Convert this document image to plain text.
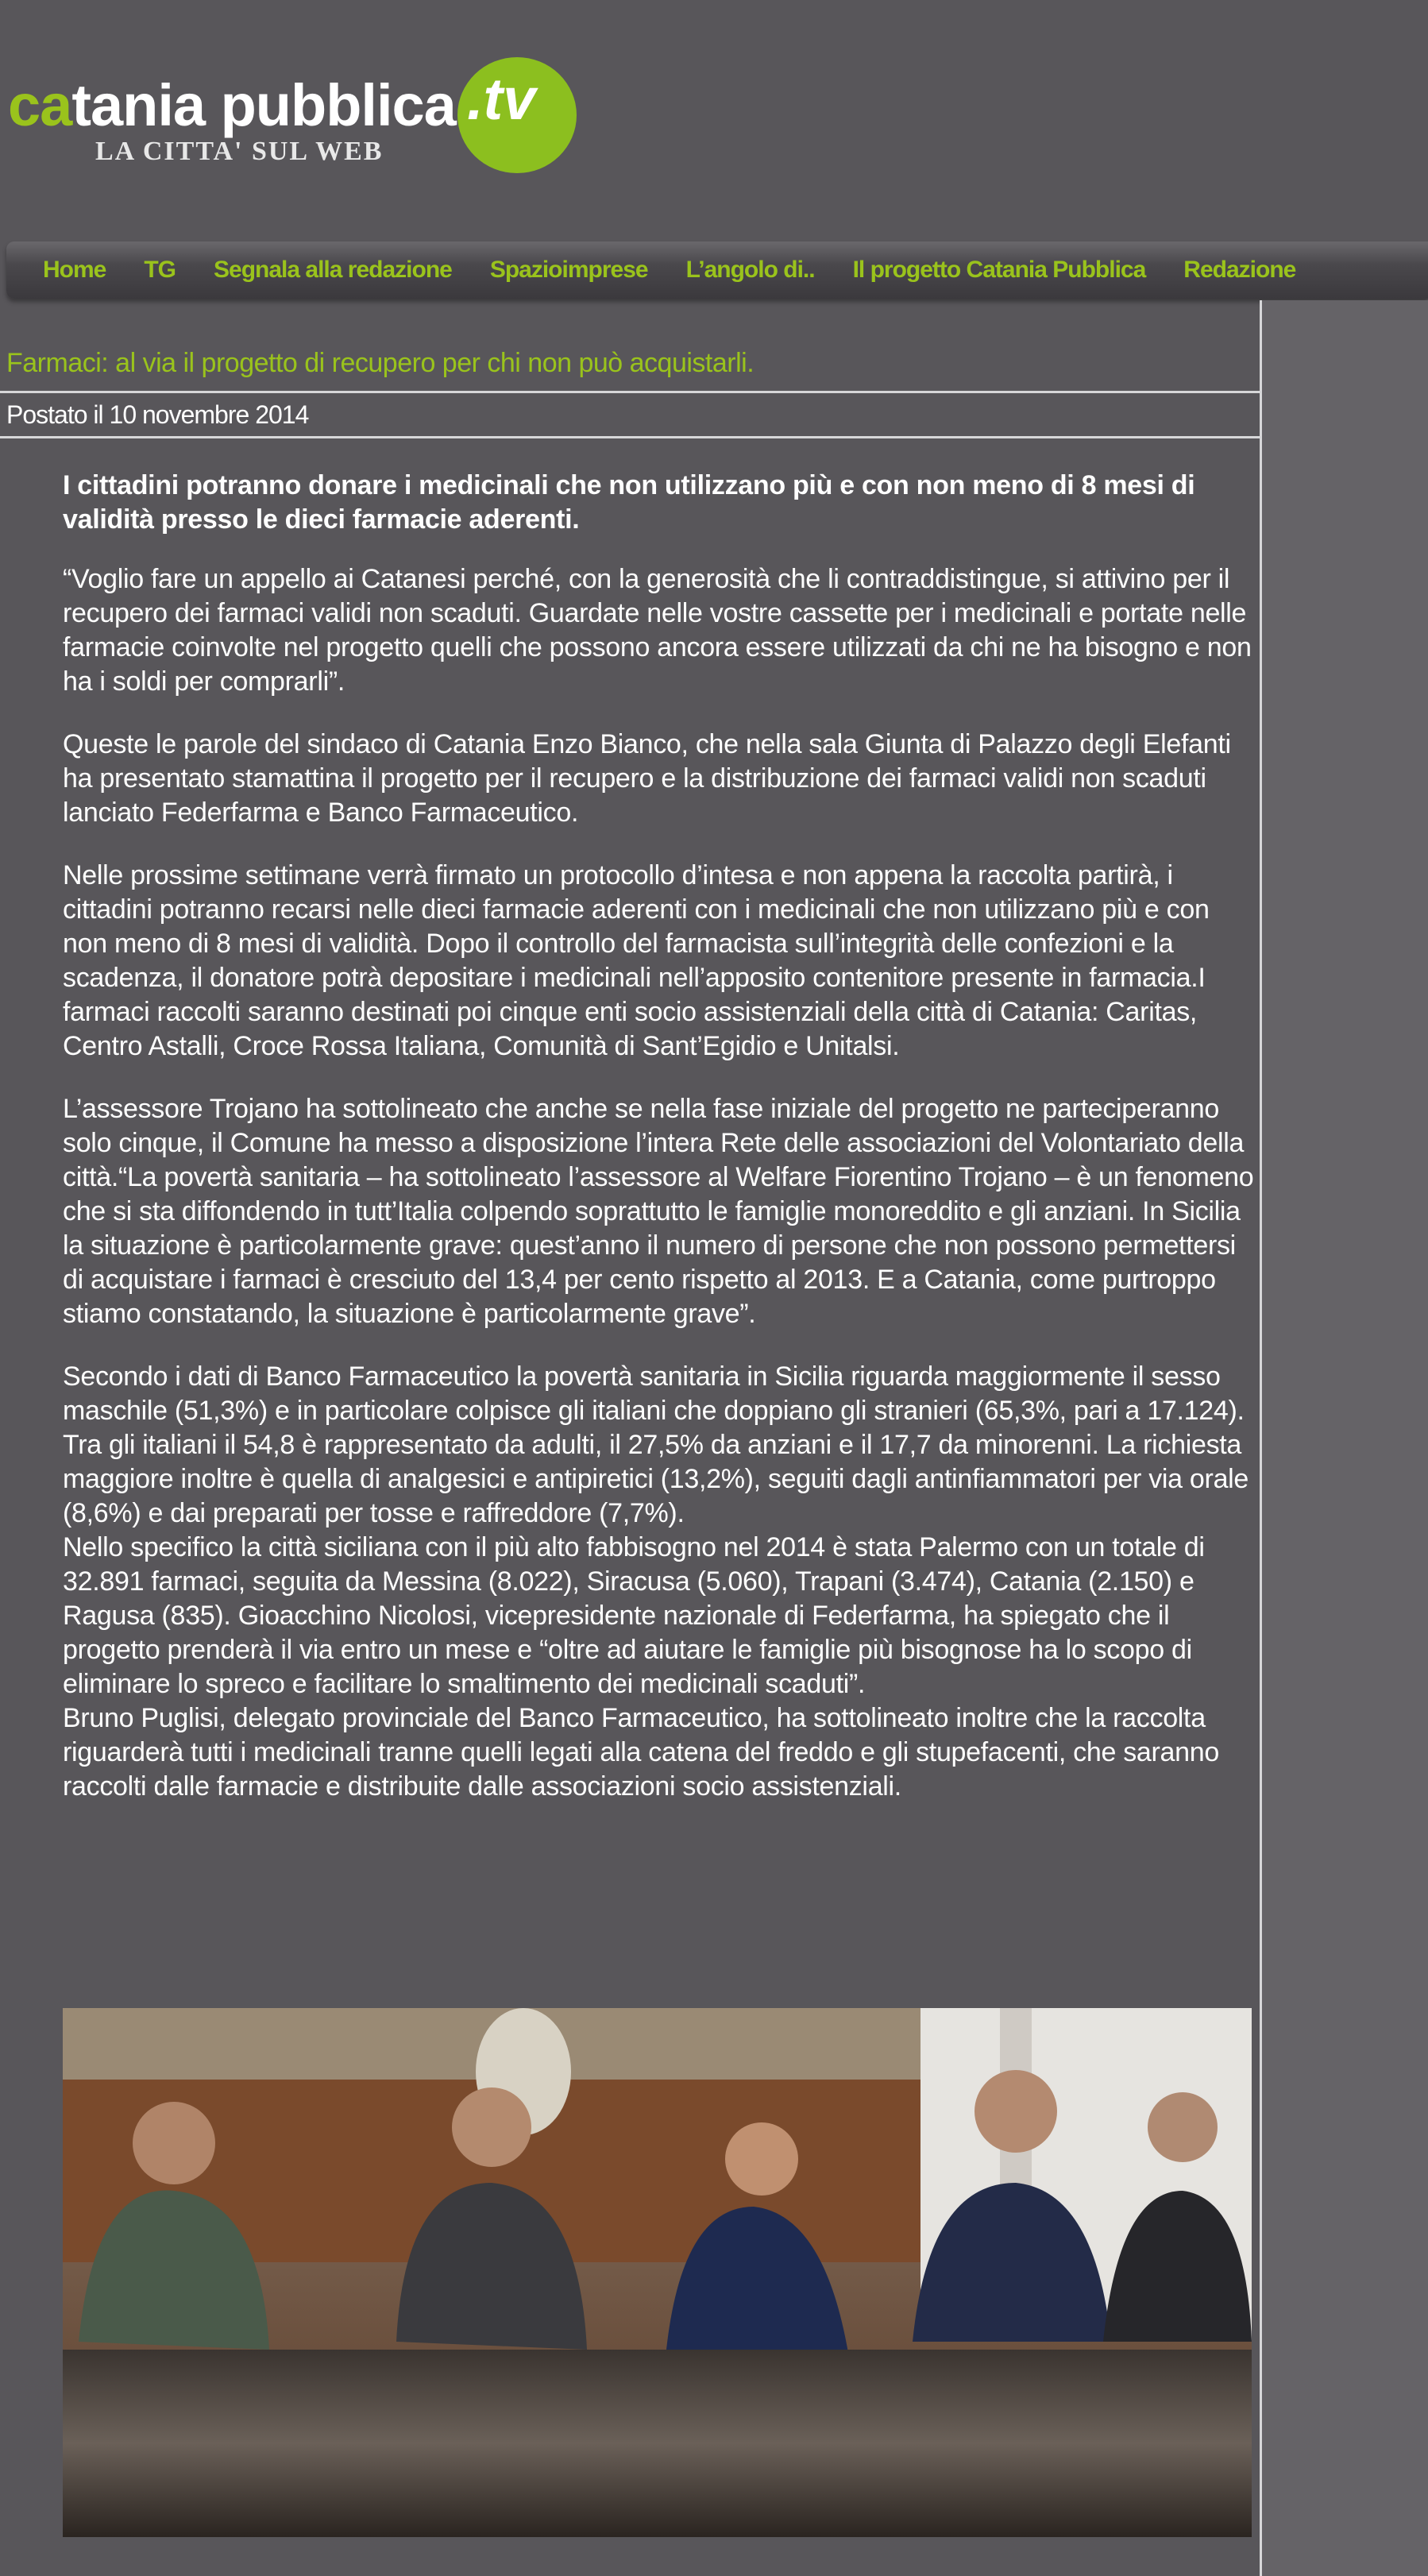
catania pubblica .tv
LA CITTA' SUL WEB
Home TG Segnala alla redazione Spazioimprese L’angolo di.. Il progetto Catania Pubblica Redazione
Farmaci: al via il progetto di recupero per chi non può acquistarli.
Postato il 10 novembre 2014

I cittadini potranno donare i medicinali che non utilizzano più e con non meno di 8 mesi di validità presso le dieci farmacie aderenti.

“Voglio fare un appello ai Catanesi perché, con la generosità che li contraddistingue, si attivino per il recupero dei farmaci validi non scaduti. Guardate nelle vostre cassette per i medicinali e portate nelle farmacie coinvolte nel progetto quelli che possono ancora essere utilizzati da chi ne ha bisogno e non ha i soldi per comprarli”.

Queste le parole del sindaco di Catania Enzo Bianco, che nella sala Giunta di Palazzo degli Elefanti ha presentato stamattina il progetto per il recupero e la distribuzione dei farmaci validi non scaduti lanciato Federfarma e Banco Farmaceutico.

Nelle prossime settimane verrà firmato un protocollo d’intesa e non appena la raccolta partirà, i cittadini potranno recarsi nelle dieci farmacie aderenti con i medicinali che non utilizzano più e con non meno di 8 mesi di validità. Dopo il controllo del farmacista sull’integrità delle confezioni e la scadenza, il donatore potrà depositare i medicinali nell’apposito contenitore presente in farmacia.I farmaci raccolti saranno destinati poi cinque enti socio assistenziali della città di Catania: Caritas, Centro Astalli, Croce Rossa Italiana, Comunità di Sant’Egidio e Unitalsi.

L’assessore Trojano ha sottolineato che anche se nella fase iniziale del progetto ne parteciperanno solo cinque, il Comune ha messo a disposizione l’intera Rete delle associazioni del Volontariato della città.“La povertà sanitaria – ha sottolineato l’assessore al Welfare Fiorentino Trojano – è un fenomeno che si sta diffondendo in tutt’Italia colpendo soprattutto le famiglie monoreddito e gli anziani. In Sicilia la situazione è particolarmente grave: quest’anno il numero di persone che non possono permettersi di acquistare i farmaci è cresciuto del 13,4 per cento rispetto al 2013. E a Catania, come purtroppo stiamo constatando, la situazione è particolarmente grave”.

Secondo i dati di Banco Farmaceutico la povertà sanitaria in Sicilia riguarda maggiormente il sesso maschile (51,3%) e in particolare colpisce gli italiani che doppiano gli stranieri (65,3%, pari a 17.124).

Tra gli italiani il 54,8 è rappresentato da adulti, il 27,5% da anziani e il 17,7 da minorenni. La richiesta maggiore inoltre è quella di analgesici e antipiretici (13,2%), seguiti dagli antinfiammatori per via orale (8,6%) e dai preparati per tosse e raffreddore (7,7%).

Nello specifico la città siciliana con il più alto fabbisogno nel 2014 è stata Palermo con un totale di 32.891 farmaci, seguita da Messina (8.022), Siracusa (5.060), Trapani (3.474), Catania (2.150) e Ragusa (835). Gioacchino Nicolosi, vicepresidente nazionale di Federfarma, ha spiegato che il progetto prenderà il via entro un mese e “oltre ad aiutare le famiglie più bisognose ha lo scopo di eliminare lo spreco e facilitare lo smaltimento dei medicinali scaduti”.

Bruno Puglisi, delegato provinciale del Banco Farmaceutico, ha sottolineato inoltre che la raccolta riguarderà tutti i medicinali tranne quelli legati alla catena del freddo e gli stupefacenti, che saranno raccolti dalle farmacie e distribuite dalle associazioni socio assistenziali.
